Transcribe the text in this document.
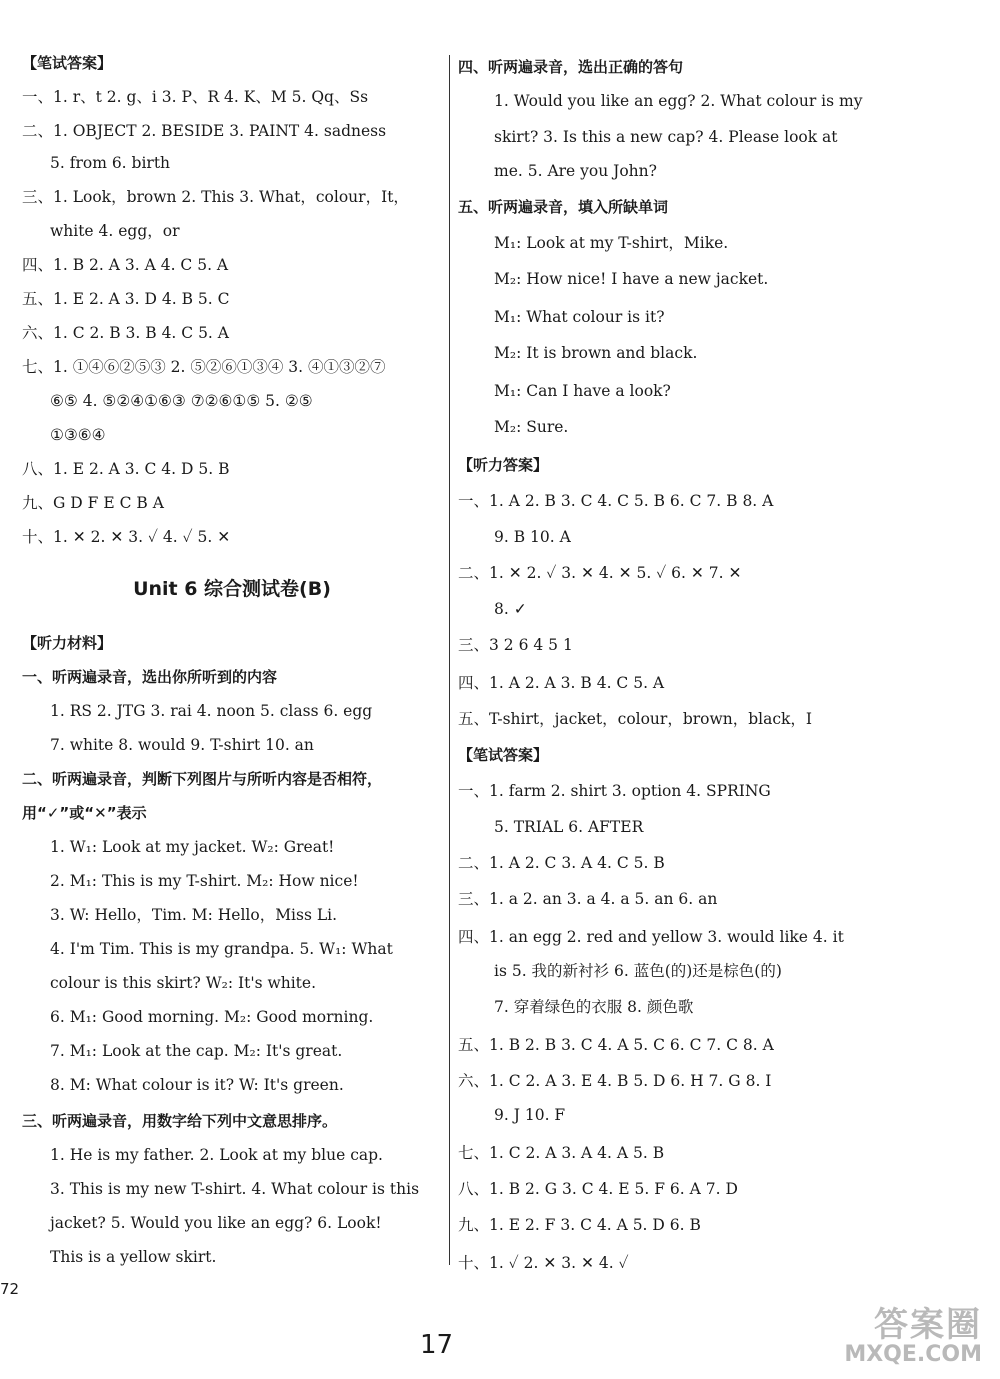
【笔试答案】
一、1. r、t 2. g、i 3. P、R 4. K、M 5. Qq、Ss
二、1. OBJECT 2. BESIDE 3. PAINT 4. sadness
5. from 6. birth
三、1. Look，brown 2. This 3. What，colour，It，
white 4. egg，or
四、1. B 2. A 3. A 4. C 5. A
五、1. E 2. A 3. D 4. B 5. C
六、1. C 2. B 3. B 4. C 5. A
七、1. ①④⑥②⑤③ 2. ⑤②⑥①③④ 3. ④①③②⑦
⑥⑤ 4. ⑤②④①⑥③ ⑦②⑥①⑤ 5. ②⑤
①③⑥④
八、1. E 2. A 3. C 4. D 5. B
九、G D F E C B A
十、1. ✕ 2. ✕ 3. ✓ 4. ✓ 5. ✕
Unit 6 综合测试卷(B)
【听力材料】
一、听两遍录音，选出你所听到的内容
1. RS 2. JTG 3. rai 4. noon 5. class 6. egg
7. white 8. would 9. T-shirt 10. an
二、听两遍录音，判断下列图片与所听内容是否相符，
用“✓”或“✕”表示
1. W₁: Look at my jacket. W₂: Great!
2. M₁: This is my T-shirt. M₂: How nice!
3. W: Hello，Tim. M: Hello，Miss Li.
4. I'm Tim. This is my grandpa. 5. W₁: What
colour is this skirt? W₂: It's white.
6. M₁: Good morning. M₂: Good morning.
7. M₁: Look at the cap. M₂: It's great.
8. M: What colour is it? W: It's green.
三、听两遍录音，用数字给下列中文意思排序。
1. He is my father. 2. Look at my blue cap.
3. This is my new T-shirt. 4. What colour is this
jacket? 5. Would you like an egg? 6. Look!
This is a yellow skirt.
四、听两遍录音，选出正确的答句
1. Would you like an egg? 2. What colour is my
skirt? 3. Is this a new cap? 4. Please look at
me. 5. Are you John?
五、听两遍录音，填入所缺单词
M₁: Look at my T-shirt，Mike.
M₂: How nice! I have a new jacket.
M₁: What colour is it?
M₂: It is brown and black.
M₁: Can I have a look?
M₂: Sure.
【听力答案】
一、1. A 2. B 3. C 4. C 5. B 6. C 7. B 8. A
9. B 10. A
二、1. ✕ 2. ✓ 3. ✕ 4. ✕ 5. ✓ 6. ✕ 7. ✕
8. ✓
三、3 2 6 4 5 1
四、1. A 2. A 3. B 4. C 5. A
五、T-shirt，jacket，colour，brown，black，I
【笔试答案】
一、1. farm 2. shirt 3. option 4. SPRING
5. TRIAL 6. AFTER
二、1. A 2. C 3. A 4. C 5. B
三、1. a 2. an 3. a 4. a 5. an 6. an
四、1. an egg 2. red and yellow 3. would like 4. it
is 5. 我的新衬衫 6. 蓝色(的)还是棕色(的)
7. 穿着绿色的衣服 8. 颜色歌
五、1. B 2. B 3. C 4. A 5. C 6. C 7. C 8. A
六、1. C 2. A 3. E 4. B 5. D 6. H 7. G 8. I
9. J 10. F
七、1. C 2. A 3. A 4. A 5. B
八、1. B 2. G 3. C 4. E 5. F 6. A 7. D
九、1. E 2. F 3. C 4. A 5. D 6. B
十、1. ✓ 2. ✕ 3. ✕ 4. ✓
72
17	答案圈
MXQE.COM
